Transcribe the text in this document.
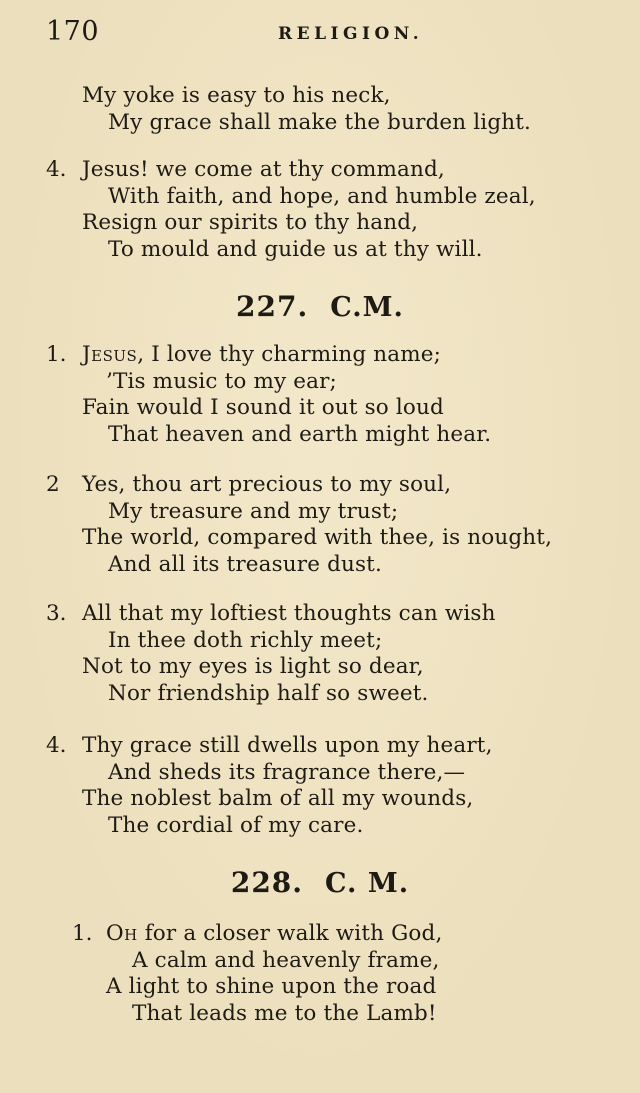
170	RELIGION.
My yoke is easy to his neck,
My grace shall make the burden light.
4. Jesus! we come at thy command,
With faith, and hope, and humble zeal,
Resign our spirits to thy hand,
To mould and guide us at thy will.
227. C.M.
1. Jesus, I love thy charming name;
’Tis music to my ear;
Fain would I sound it out so loud
That heaven and earth might hear.
2 Yes, thou art precious to my soul,
My treasure and my trust;
The world, compared with thee, is nought,
And all its treasure dust.
3. All that my loftiest thoughts can wish
In thee doth richly meet;
Not to my eyes is light so dear,
Nor friendship half so sweet.
4. Thy grace still dwells upon my heart,
And sheds its fragrance there,—
The noblest balm of all my wounds,
The cordial of my care.
228. C. M.
1. Oh for a closer walk with God,
A calm and heavenly frame,
A light to shine upon the road
That leads me to the Lamb!
